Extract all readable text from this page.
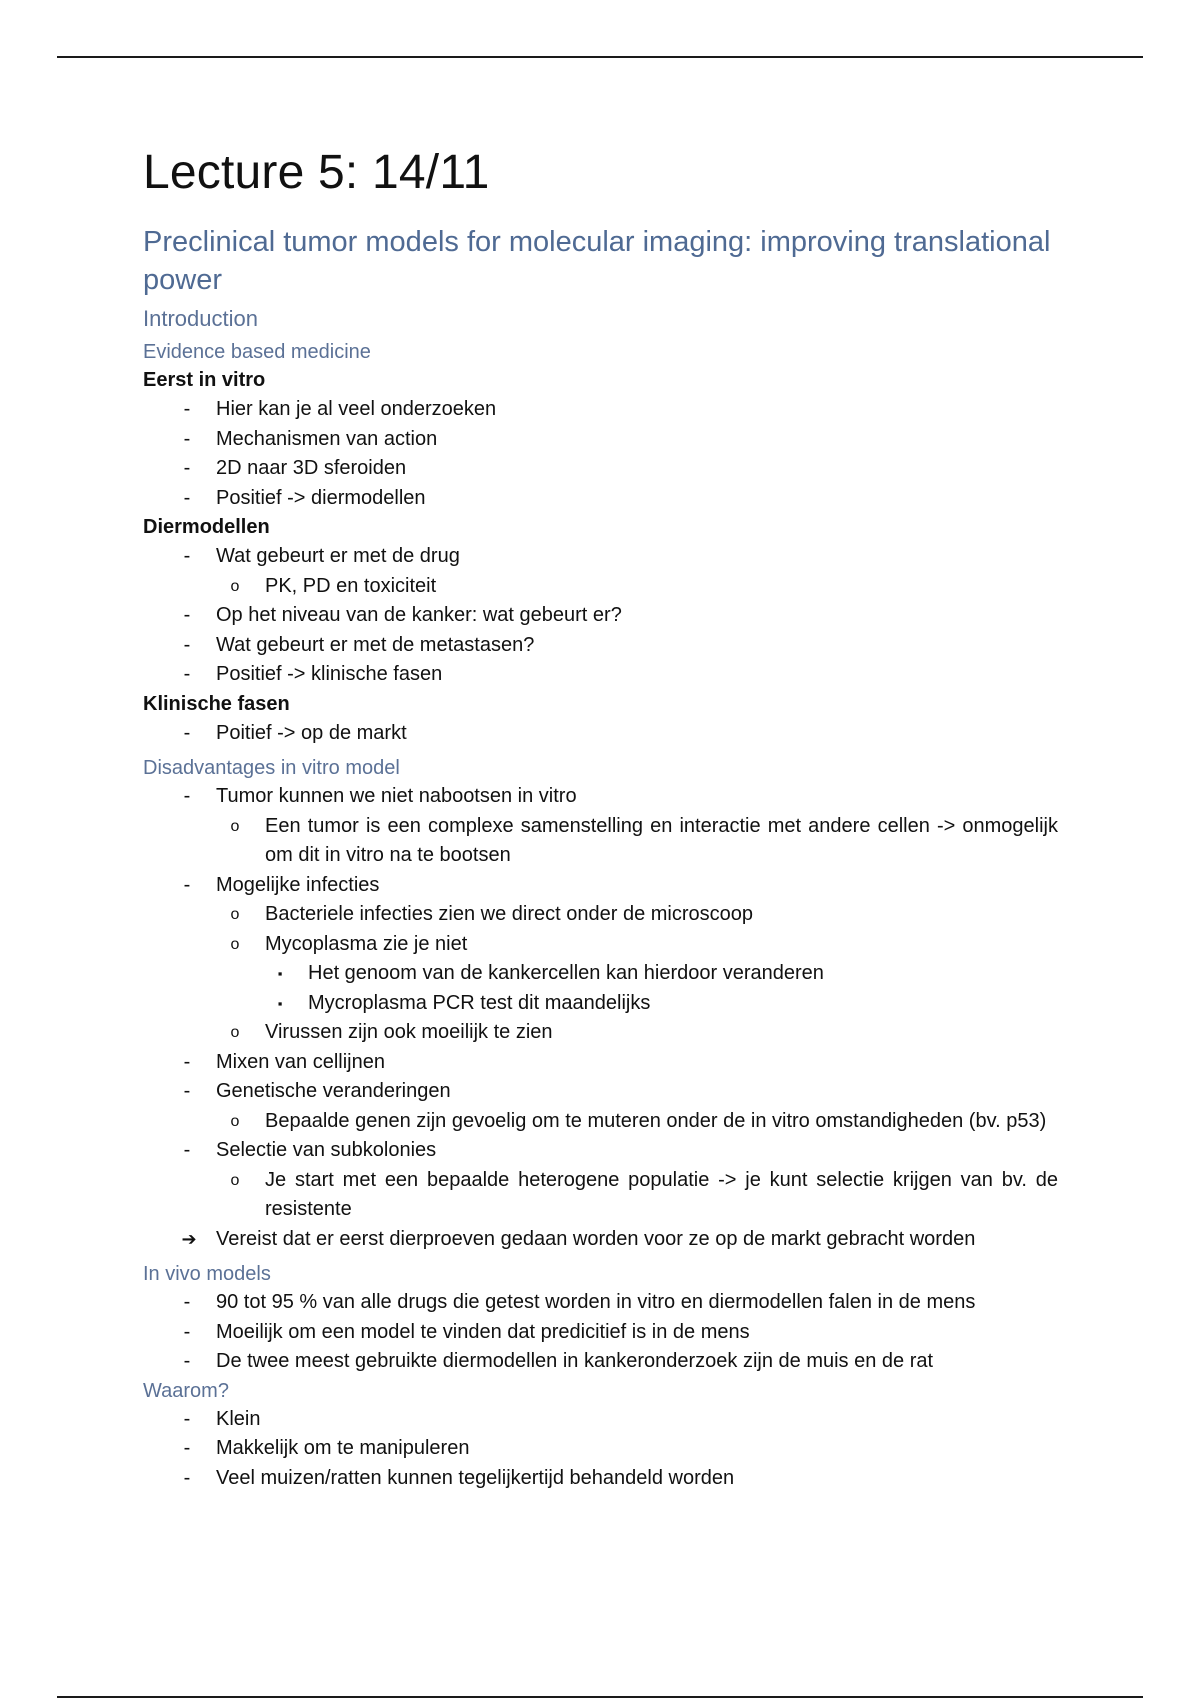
Lecture 5: 14/11
Preclinical tumor models for molecular imaging: improving translational power
Introduction
Evidence based medicine
Eerst in vitro
-	Hier kan je al veel onderzoeken
-	Mechanismen van action
-	2D naar 3D sferoiden
-	Positief -> diermodellen
Diermodellen
-	Wat gebeurt er met de drug
o PK, PD en toxiciteit
-	Op het niveau van de kanker: wat gebeurt er?
-	Wat gebeurt er met de metastasen?
-	Positief -> klinische fasen
Klinische fasen
-	Poitief -> op de markt
Disadvantages in vitro model
-	Tumor kunnen we niet nabootsen in vitro
o Een tumor is een complexe samenstelling en interactie met andere cellen -> onmogelijk om dit in vitro na te bootsen
-	Mogelijke infecties
o Bacteriele infecties zien we direct onder de microscoop
o Mycoplasma zie je niet
▪	Het genoom van de kankercellen kan hierdoor veranderen
▪	Mycroplasma PCR test dit maandelijks
o Virussen zijn ook moeilijk te zien
-	Mixen van cellijnen
-	Genetische veranderingen
o Bepaalde genen zijn gevoelig om te muteren onder de in vitro omstandigheden (bv. p53)
-	Selectie van subkolonies
o Je start met een bepaalde heterogene populatie -> je kunt selectie krijgen van bv. de resistente
➔ Vereist dat er eerst dierproeven gedaan worden voor ze op de markt gebracht worden
In vivo models
-	90 tot 95 % van alle drugs die getest worden in vitro en diermodellen falen in de mens
-	Moeilijk om een model te vinden dat predicitief is in de mens
-	De twee meest gebruikte diermodellen in kankeronderzoek zijn de muis en de rat
Waarom?
-	Klein
-	Makkelijk om te manipuleren
-	Veel muizen/ratten kunnen tegelijkertijd behandeld worden
